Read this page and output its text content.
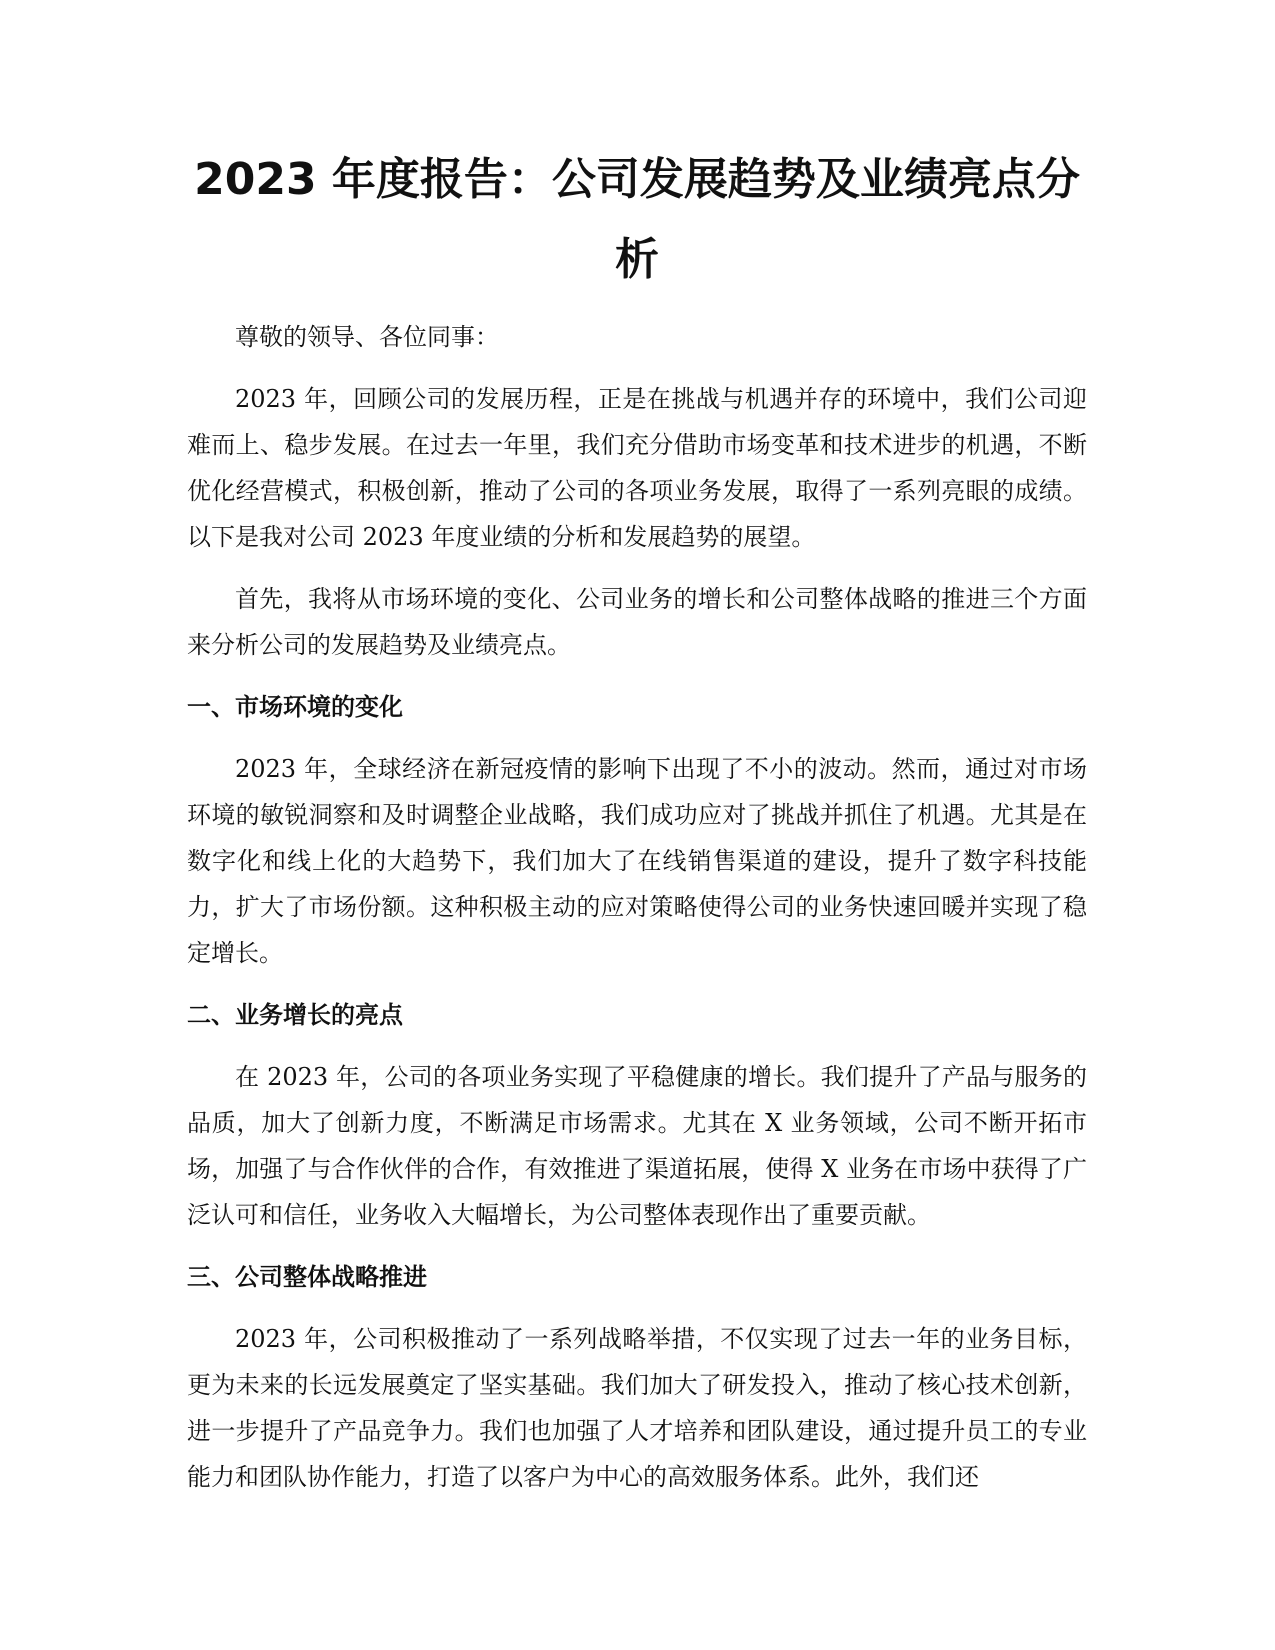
2023 年度报告：公司发展趋势及业绩亮点分析

尊敬的领导、各位同事：

2023 年，回顾公司的发展历程，正是在挑战与机遇并存的环境中，我们公司迎难而上、稳步发展。在过去一年里，我们充分借助市场变革和技术进步的机遇，不断优化经营模式，积极创新，推动了公司的各项业务发展，取得了一系列亮眼的成绩。以下是我对公司 2023 年度业绩的分析和发展趋势的展望。

首先，我将从市场环境的变化、公司业务的增长和公司整体战略的推进三个方面来分析公司的发展趋势及业绩亮点。

一、市场环境的变化

2023 年，全球经济在新冠疫情的影响下出现了不小的波动。然而，通过对市场环境的敏锐洞察和及时调整企业战略，我们成功应对了挑战并抓住了机遇。尤其是在数字化和线上化的大趋势下，我们加大了在线销售渠道的建设，提升了数字科技能力，扩大了市场份额。这种积极主动的应对策略使得公司的业务快速回暖并实现了稳定增长。

二、业务增长的亮点

在 2023 年，公司的各项业务实现了平稳健康的增长。我们提升了产品与服务的品质，加大了创新力度，不断满足市场需求。尤其在 X 业务领域，公司不断开拓市场，加强了与合作伙伴的合作，有效推进了渠道拓展，使得 X 业务在市场中获得了广泛认可和信任，业务收入大幅增长，为公司整体表现作出了重要贡献。

三、公司整体战略推进

2023 年，公司积极推动了一系列战略举措，不仅实现了过去一年的业务目标，更为未来的长远发展奠定了坚实基础。我们加大了研发投入，推动了核心技术创新，进一步提升了产品竞争力。我们也加强了人才培养和团队建设，通过提升员工的专业能力和团队协作能力，打造了以客户为中心的高效服务体系。此外，我们还
